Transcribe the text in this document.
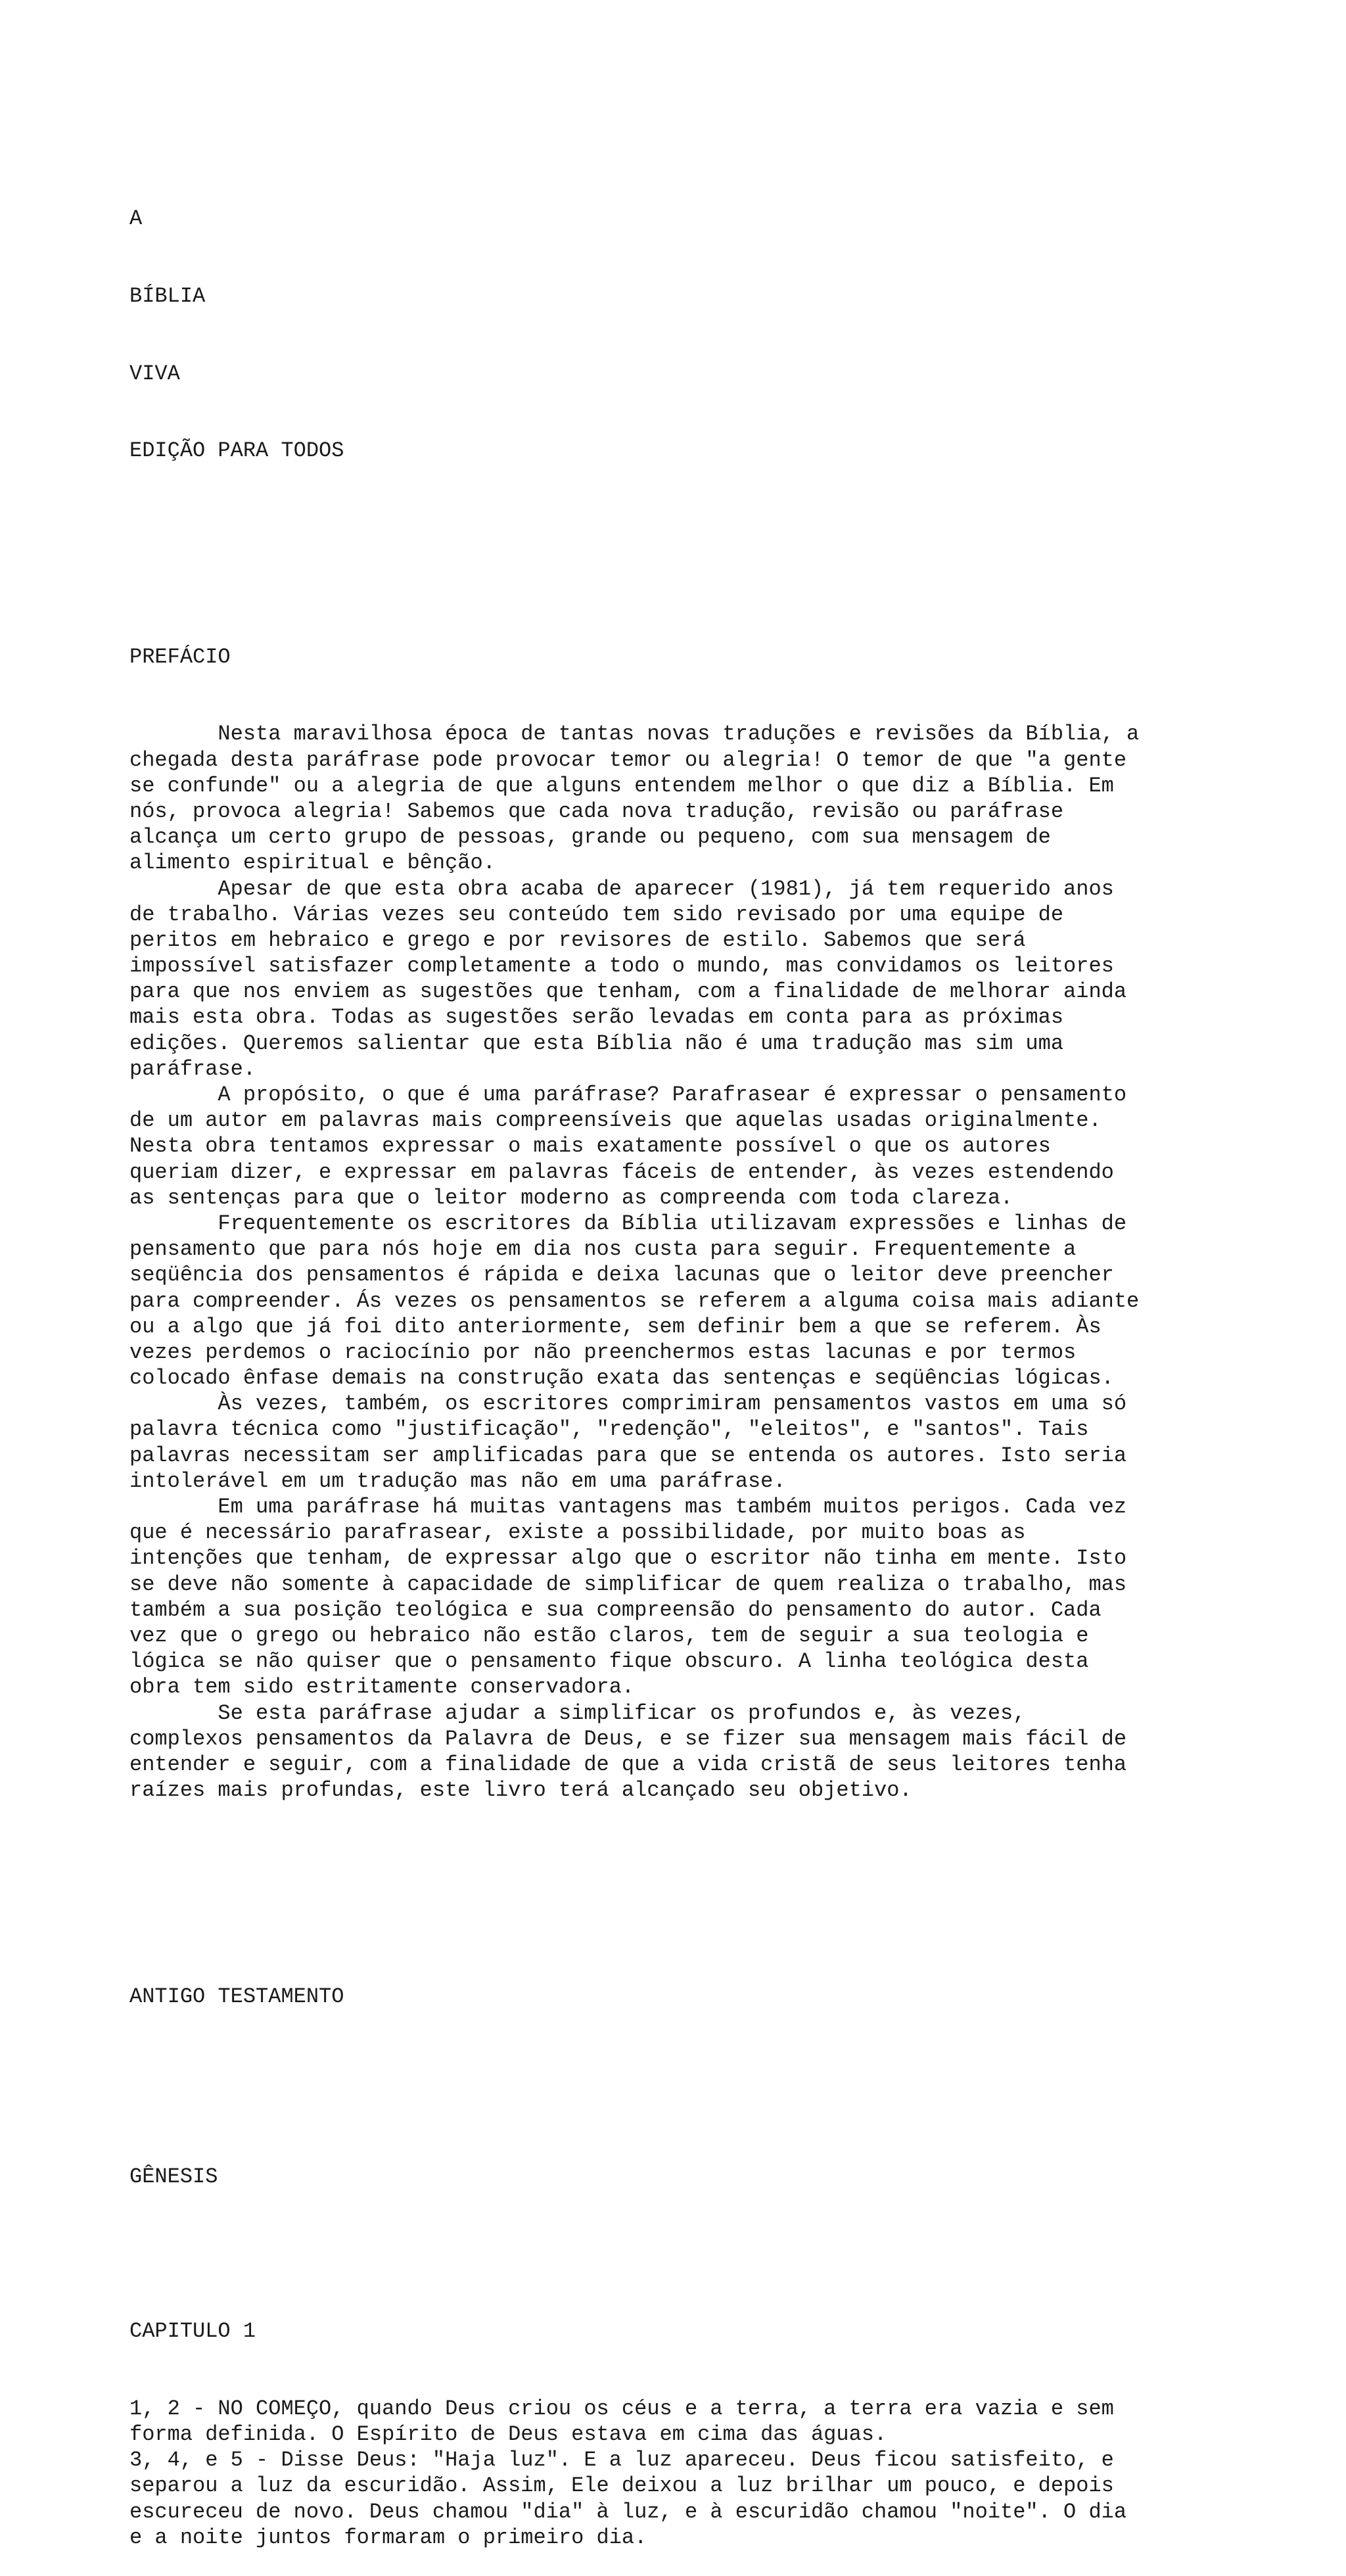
A

BÍBLIA

VIVA

EDIÇÃO PARA TODOS

PREFÁCIO

Nesta maravilhosa época de tantas novas traduções e revisões da Bíblia, a
chegada desta paráfrase pode provocar temor ou alegria! O temor de que "a gente
se confunde" ou a alegria de que alguns entendem melhor o que diz a Bíblia. Em
nós, provoca alegria! Sabemos que cada nova tradução, revisão ou paráfrase
alcança um certo grupo de pessoas, grande ou pequeno, com sua mensagem de
alimento espiritual e bênção.
Apesar de que esta obra acaba de aparecer (1981), já tem requerido anos
de trabalho. Várias vezes seu conteúdo tem sido revisado por uma equipe de
peritos em hebraico e grego e por revisores de estilo. Sabemos que será
impossível satisfazer completamente a todo o mundo, mas convidamos os leitores
para que nos enviem as sugestões que tenham, com a finalidade de melhorar ainda
mais esta obra. Todas as sugestões serão levadas em conta para as próximas
edições. Queremos salientar que esta Bíblia não é uma tradução mas sim uma
paráfrase.
A propósito, o que é uma paráfrase? Parafrasear é expressar o pensamento
de um autor em palavras mais compreensíveis que aquelas usadas originalmente.
Nesta obra tentamos expressar o mais exatamente possível o que os autores
queriam dizer, e expressar em palavras fáceis de entender, às vezes estendendo
as sentenças para que o leitor moderno as compreenda com toda clareza.
Frequentemente os escritores da Bíblia utilizavam expressões e linhas de
pensamento que para nós hoje em dia nos custa para seguir. Frequentemente a
seqüência dos pensamentos é rápida e deixa lacunas que o leitor deve preencher
para compreender. Ás vezes os pensamentos se referem a alguma coisa mais adiante
ou a algo que já foi dito anteriormente, sem definir bem a que se referem. Às
vezes perdemos o raciocínio por não preenchermos estas lacunas e por termos
colocado ênfase demais na construção exata das sentenças e seqüências lógicas.
Às vezes, também, os escritores comprimiram pensamentos vastos em uma só
palavra técnica como "justificação", "redenção", "eleitos", e "santos". Tais
palavras necessitam ser amplificadas para que se entenda os autores. Isto seria
intolerável em um tradução mas não em uma paráfrase.
Em uma paráfrase há muitas vantagens mas também muitos perigos. Cada vez
que é necessário parafrasear, existe a possibilidade, por muito boas as
intenções que tenham, de expressar algo que o escritor não tinha em mente. Isto
se deve não somente à capacidade de simplificar de quem realiza o trabalho, mas
também a sua posição teológica e sua compreensão do pensamento do autor. Cada
vez que o grego ou hebraico não estão claros, tem de seguir a sua teologia e
lógica se não quiser que o pensamento fique obscuro. A linha teológica desta
obra tem sido estritamente conservadora.
Se esta paráfrase ajudar a simplificar os profundos e, às vezes,
complexos pensamentos da Palavra de Deus, e se fizer sua mensagem mais fácil de
entender e seguir, com a finalidade de que a vida cristã de seus leitores tenha
raízes mais profundas, este livro terá alcançado seu objetivo.

ANTIGO TESTAMENTO

GÊNESIS

CAPITULO 1

1, 2 - NO COMEÇO, quando Deus criou os céus e a terra, a terra era vazia e sem
forma definida. O Espírito de Deus estava em cima das águas.
3, 4, e 5 - Disse Deus: "Haja luz". E a luz apareceu. Deus ficou satisfeito, e
separou a luz da escuridão. Assim, Ele deixou a luz brilhar um pouco, e depois
escureceu de novo. Deus chamou "dia" à luz, e à escuridão chamou "noite". O dia
e a noite juntos formaram o primeiro dia.
